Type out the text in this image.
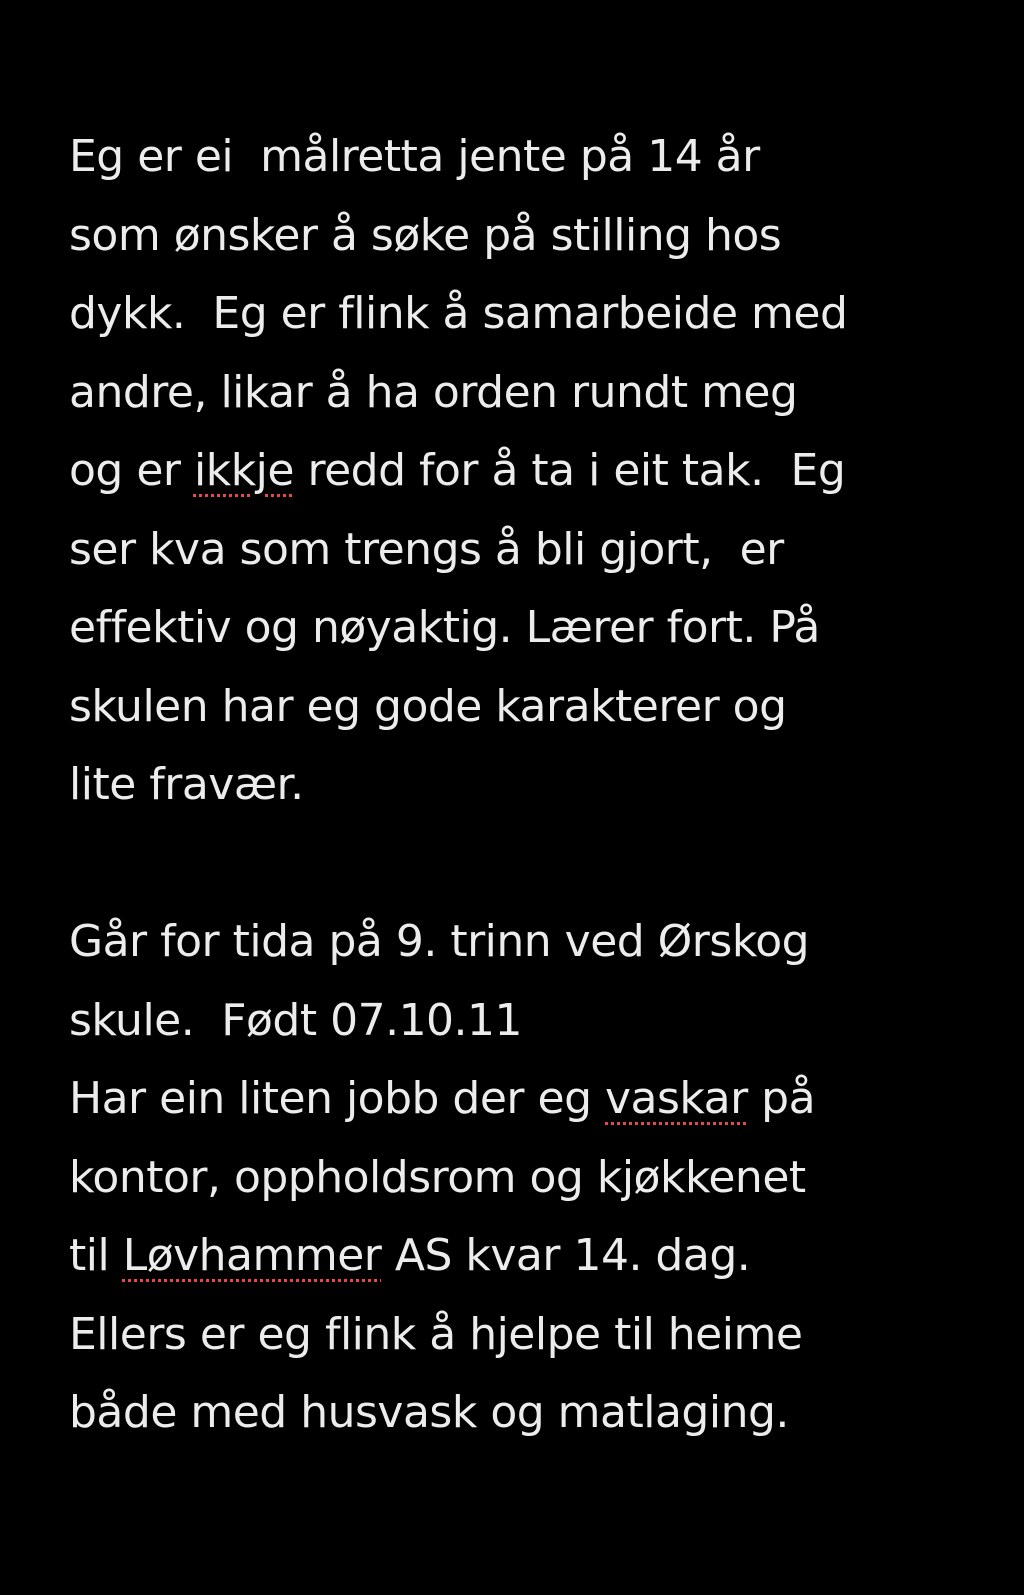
Eg er ei  målretta jente på 14 år
som ønsker å søke på stilling hos
dykk.  Eg er flink å samarbeide med
andre, likar å ha orden rundt meg
og er ikkje redd for å ta i eit tak.  Eg
ser kva som trengs å bli gjort,  er
effektiv og nøyaktig. Lærer fort. På
skulen har eg gode karakterer og
lite fravær.
Går for tida på 9. trinn ved Ørskog
skule.  Født 07.10.11
Har ein liten jobb der eg vaskar på
kontor, oppholdsrom og kjøkkenet
til Løvhammer AS kvar 14. dag.
Ellers er eg flink å hjelpe til heime
både med husvask og matlaging.
